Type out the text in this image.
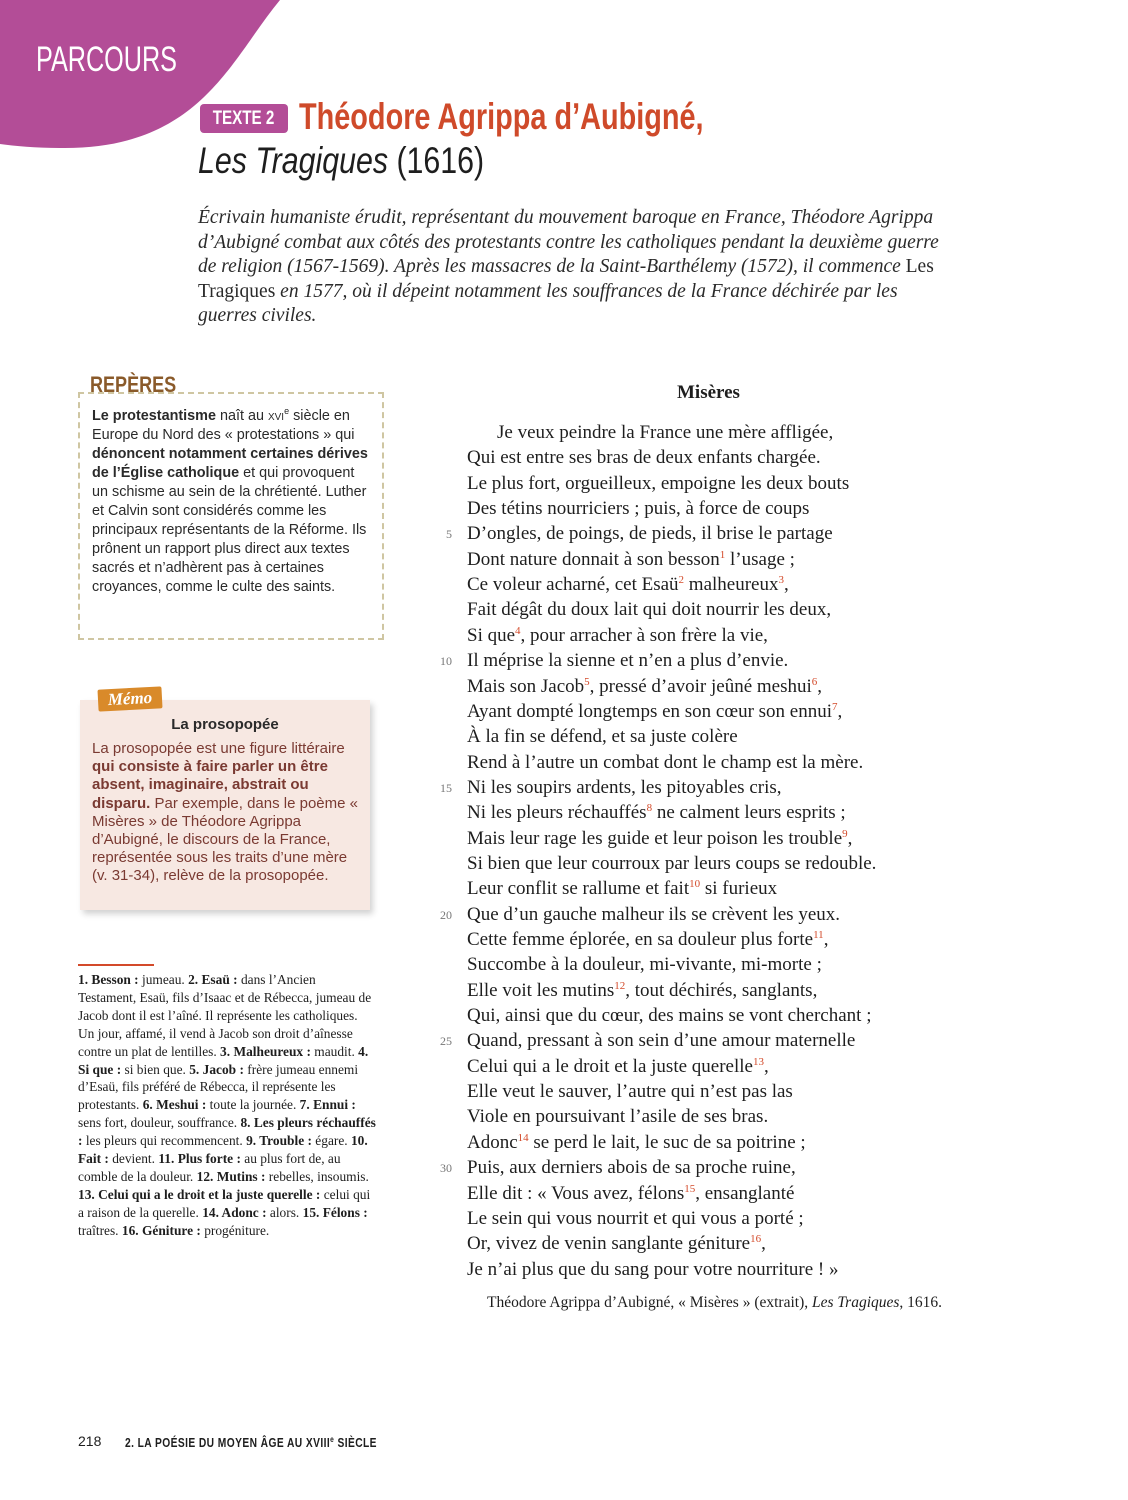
PARCOURS
TEXTE 2 Théodore Agrippa d’Aubigné,
Les Tragiques (1616)
Écrivain humaniste érudit, représentant du mouvement baroque en France, Théodore Agrippa d’Aubigné combat aux côtés des protestants contre les catholiques pendant la deuxième guerre de religion (1567-1569). Après les massacres de la Saint-Barthélemy (1572), il commence Les Tragiques en 1577, où il dépeint notamment les souffrances de la France déchirée par les guerres civiles.
REPÈRES
Le protestantisme naît au xvi$^e$ siècle en Europe du Nord des « protestations » qui dénoncent notamment certaines dérives de l’Église catholique et qui provoquent un schisme au sein de la chrétienté. Luther et Calvin sont considérés comme les principaux représentants de la Réforme. Ils prônent un rapport plus direct aux textes sacrés et n’adhèrent pas à certaines croyances, comme le culte des saints.
Mémo
La prosopopée
La prosopopée est une figure littéraire qui consiste à faire parler un être absent, imaginaire, abstrait ou disparu. Par exemple, dans le poème « Misères » de Théodore Agrippa d’Aubigné, le discours de la France, représentée sous les traits d’une mère (v. 31-34), relève de la prosopopée.
1. Besson : jumeau. 2. Esaü : dans l’Ancien Testament, Esaü, fils d’Isaac et de Rébecca, jumeau de Jacob dont il est l’aîné. Il représente les catholiques. Un jour, affamé, il vend à Jacob son droit d’aînesse contre un plat de lentilles. 3. Malheureux : maudit. 4. Si que : si bien que. 5. Jacob : frère jumeau ennemi d’Esaü, fils préféré de Rébecca, il représente les protestants. 6. Meshui : toute la journée. 7. Ennui : sens fort, douleur, souffrance. 8. Les pleurs réchauffés : les pleurs qui recommencent. 9. Trouble : égare. 10. Fait : devient. 11. Plus forte : au plus fort de, au comble de la douleur. 12. Mutins : rebelles, insoumis. 13. Celui qui a le droit et la juste querelle : celui qui a raison de la querelle. 14. Adonc : alors. 15. Félons : traîtres. 16. Géniture : progéniture.
Misères
Je veux peindre la France une mère affligée,
Qui est entre ses bras de deux enfants chargée.
Le plus fort, orgueilleux, empoigne les deux bouts
Des tétins nourriciers ; puis, à force de coups
D’ongles, de poings, de pieds, il brise le partage
5
Dont nature donnait à son besson$^1$ l’usage ;
Ce voleur acharné, cet Esaü$^2$ malheureux$^3$,
Fait dégât du doux lait qui doit nourrir les deux,
Si que$^4$, pour arracher à son frère la vie,
Il méprise la sienne et n’en a plus d’envie.
10
Mais son Jacob$^5$, pressé d’avoir jeûné meshui$^6$,
Ayant dompté longtemps en son cœur son ennui$^7$,
À la fin se défend, et sa juste colère
Rend à l’autre un combat dont le champ est la mère.
Ni les soupirs ardents, les pitoyables cris,
15
Ni les pleurs réchauffés$^8$ ne calment leurs esprits ;
Mais leur rage les guide et leur poison les trouble$^9$,
Si bien que leur courroux par leurs coups se redouble.
Leur conflit se rallume et fait$^{10}$ si furieux
Que d’un gauche malheur ils se crèvent les yeux.
20
Cette femme éplorée, en sa douleur plus forte$^{11}$,
Succombe à la douleur, mi-vivante, mi-morte ;
Elle voit les mutins$^{12}$, tout déchirés, sanglants,
Qui, ainsi que du cœur, des mains se vont cherchant ;
Quand, pressant à son sein d’une amour maternelle
25
Celui qui a le droit et la juste querelle$^{13}$,
Elle veut le sauver, l’autre qui n’est pas las
Viole en poursuivant l’asile de ses bras.
Adonc$^{14}$ se perd le lait, le suc de sa poitrine ;
Puis, aux derniers abois de sa proche ruine,
30
Elle dit : « Vous avez, félons$^{15}$, ensanglanté
Le sein qui vous nourrit et qui vous a porté ;
Or, vivez de venin sanglante géniture$^{16}$,
Je n’ai plus que du sang pour votre nourriture ! »
Théodore Agrippa d’Aubigné, « Misères » (extrait), Les Tragiques, 1616.
218 2. LA POÉSIE DU MOYEN ÂGE AU XVIIIe SIÈCLE
